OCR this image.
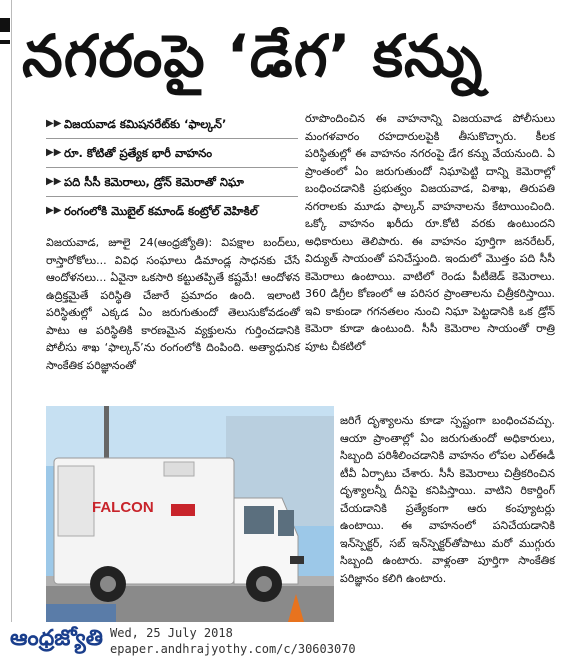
నగరంపై ‘డేగ’ కన్ను
▶▶ విజయవాడ కమిషనరేట్‌కు ‘ఫాల్కన్‌’
▶▶ రూ. కోటితో ప్రత్యేక భారీ వాహనం
▶▶ పది సీసీ కెమెరాలు, డ్రోన్‌ కెమెరాతో నిఘా
▶▶ రంగంలోకి మొబైల్‌ కమాండ్‌ కంట్రోల్‌ వెహికిల్‌

విజయవాడ, జూలై 24(ఆంధ్రజ్యోతి): విపక్షాల బంద్‌లు, రాస్తారోకోలు... వివిధ సంఘాలు డిమాండ్ల సాధనకు చేసే ఆందోళనలు... ఏవైనా ఒకసారి కట్టుతప్పితే కష్టమే! ఆందోళన ఉద్రిక్తమైతే పరిస్థితి చేజారే ప్రమాదం ఉంది. ఇలాంటి పరిస్థితుల్లో ఎక్కడ ఏం జరుగుతుందో తెలుసుకోవడంతో పాటు ఆ పరిస్థితికి కారణమైన వ్యక్తులను గుర్తించడానికి పోలీసు శాఖ ‘ఫాల్కన్‌’ను రంగంలోకి దింపింది. అత్యాధునిక సాంకేతిక పరిజ్ఞానంతో

రూపొందించిన ఈ వాహనాన్ని విజయవాడ పోలీసులు మంగళవారం రహదారులపైకి తీసుకొచ్చారు. కీలక పరిస్థితుల్లో ఈ వాహనం నగరంపై డేగ కన్ను వేయనుంది. ఏ ప్రాంతంలో ఏం జరుగుతుందో నిఘాపెట్టి దాన్ని కెమెరాల్లో బంధించడానికి ప్రభుత్వం విజయవాడ, విశాఖ, తిరుపతి నగరాలకు మూడు ఫాల్కన్‌ వాహనాలను కేటాయించింది. ఒక్కో వాహనం ఖరీదు రూ.కోటి వరకు ఉంటుందని అధికారులు తెలిపారు. ఈ వాహనం పూర్తిగా జనరేటర్‌, విద్యుత్‌ సాయంతో పనిచేస్తుంది. ఇందులో మొత్తం పది సీసీ కెమెరాలు ఉంటాయి. వాటిలో రెండు పీటీజెడ్‌ కెమెరాలు. 360 డిగ్రీల కోణంలో ఆ పరిసర ప్రాంతాలను చిత్రీకరిస్తాయి. ఇవి కాకుండా గగనతలం నుంచి నిఘా పెట్టడానికి ఒక డ్రోన్‌ కెమెరా కూడా ఉంటుంది. సీసీ కెమెరాల సాయంతో రాత్రి పూట చీకటిలో

జరిగే దృశ్యాలను కూడా స్పష్టంగా బంధించవచ్చు. ఆయా ప్రాంతాల్లో ఏం జరుగుతుందో అధికారులు, సిబ్బంది పరిశీలించడానికి వాహనం లోపల ఎల్‌ఈడీ టీవీ ఏర్పాటు చేశారు. సీసీ కెమెరాలు చిత్రీకరించిన దృశ్యాలన్నీ దీనిపై కనిపిస్తాయి. వాటిని రికార్డింగ్‌ చేయడానికి ప్రత్యేకంగా ఆరు కంప్యూటర్లు ఉంటాయి. ఈ వాహనంలో పనిచేయడానికి ఇన్‌స్పెక్టర్‌, సబ్‌ ఇన్‌స్పెక్టర్‌తోపాటు మరో ముగ్గురు సిబ్బంది ఉంటారు. వాళ్లంతా పూర్తిగా సాంకేతిక పరిజ్ఞానం కలిగి ఉంటారు.

FALCON
ఆంధ్రజ్యోతి Wed, 25 July 2018
epaper.andhrajyothy.com/c/30603070
